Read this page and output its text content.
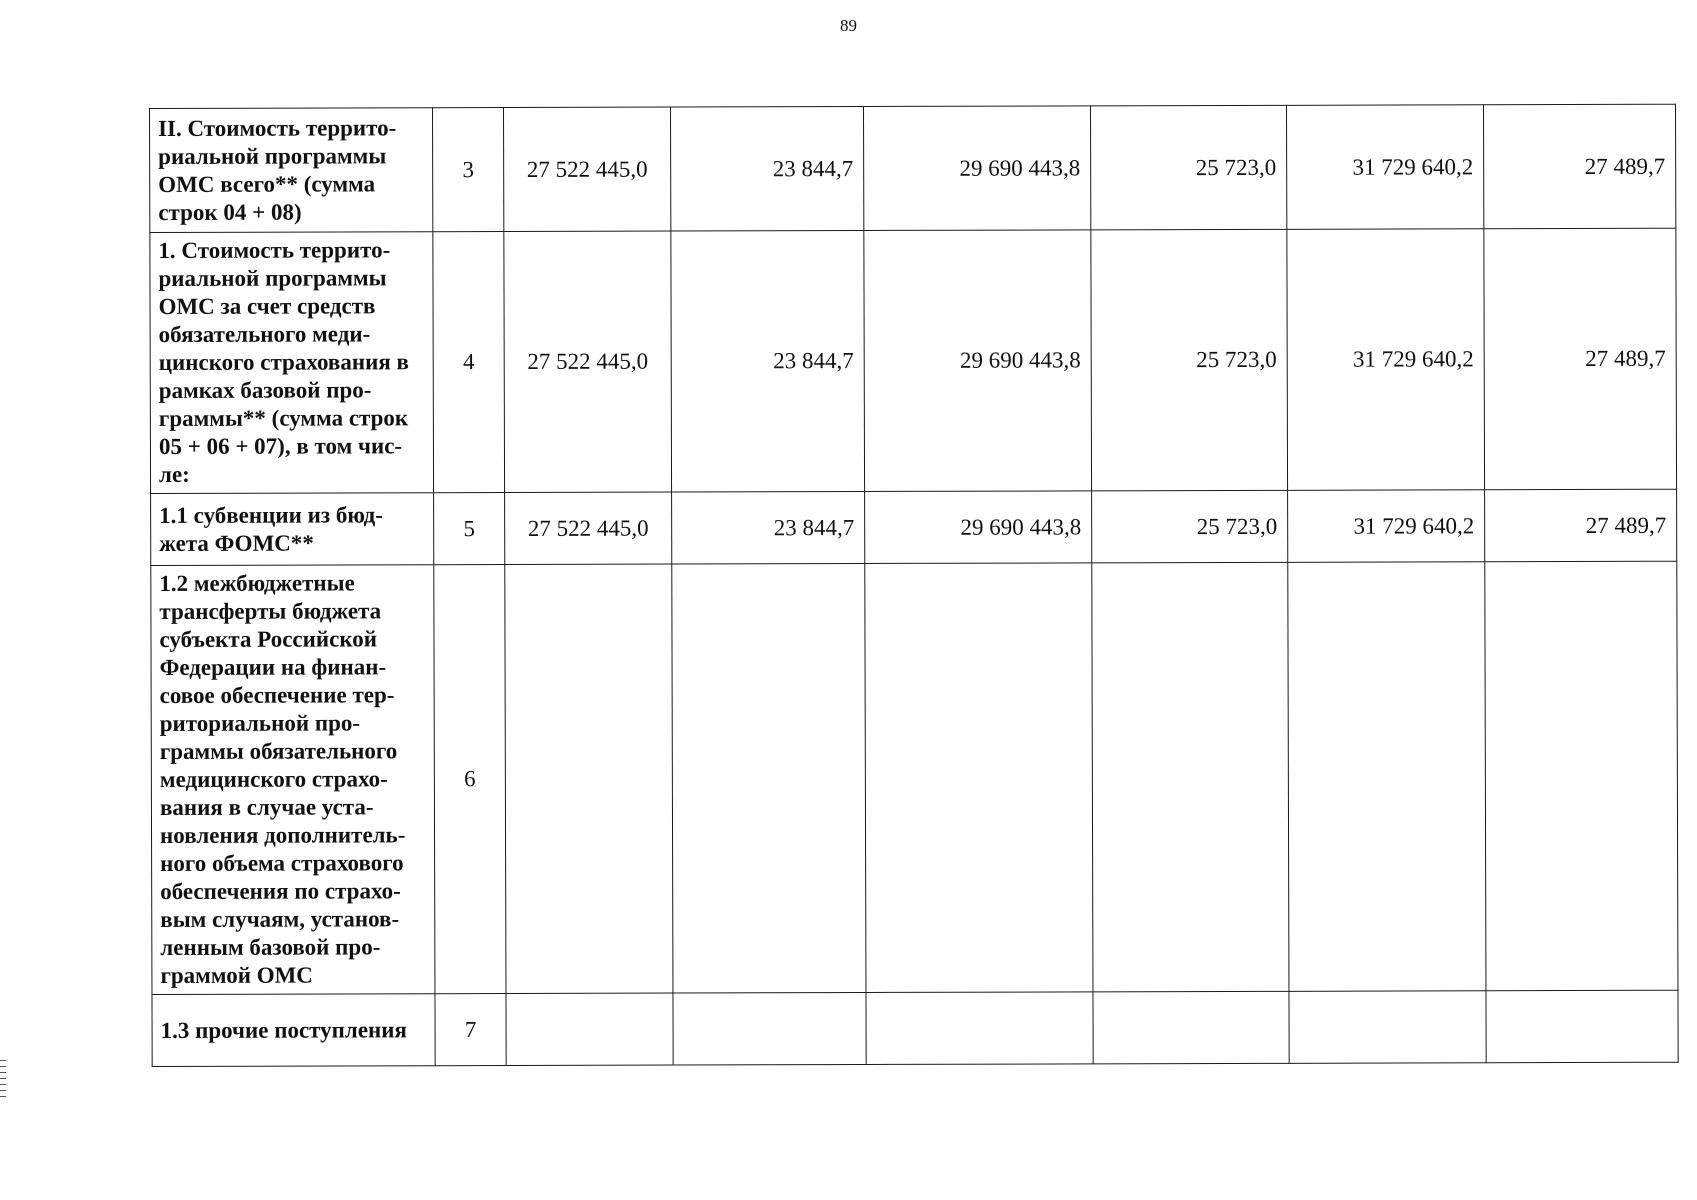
89
II. Стоимость террито-риальной программы ОМС всего** (сумма строк 04 + 08)	3	27 522 445,0	23 844,7	29 690 443,8	25 723,0	31 729 640,2	27 489,7
1. Стоимость террито-риальной программы ОМС за счет средств обязательного меди-цинского страхования в рамках базовой про-граммы** (сумма строк 05 + 06 + 07), в том чис-ле:	4	27 522 445,0	23 844,7	29 690 443,8	25 723,0	31 729 640,2	27 489,7
1.1 субвенции из бюд-жета ФОМС**	5	27 522 445,0	23 844,7	29 690 443,8	25 723,0	31 729 640,2	27 489,7
1.2 межбюджетные трансферты бюджета субъекта Российской Федерации на финан-совое обеспечение тер-риториальной про-граммы обязательного медицинского страхо-вания в случае уста-новления дополнитель-ного объема страхового обеспечения по страхо-вым случаям, установ-ленным базовой про-граммой ОМС	6						
1.3 прочие поступления	7						
